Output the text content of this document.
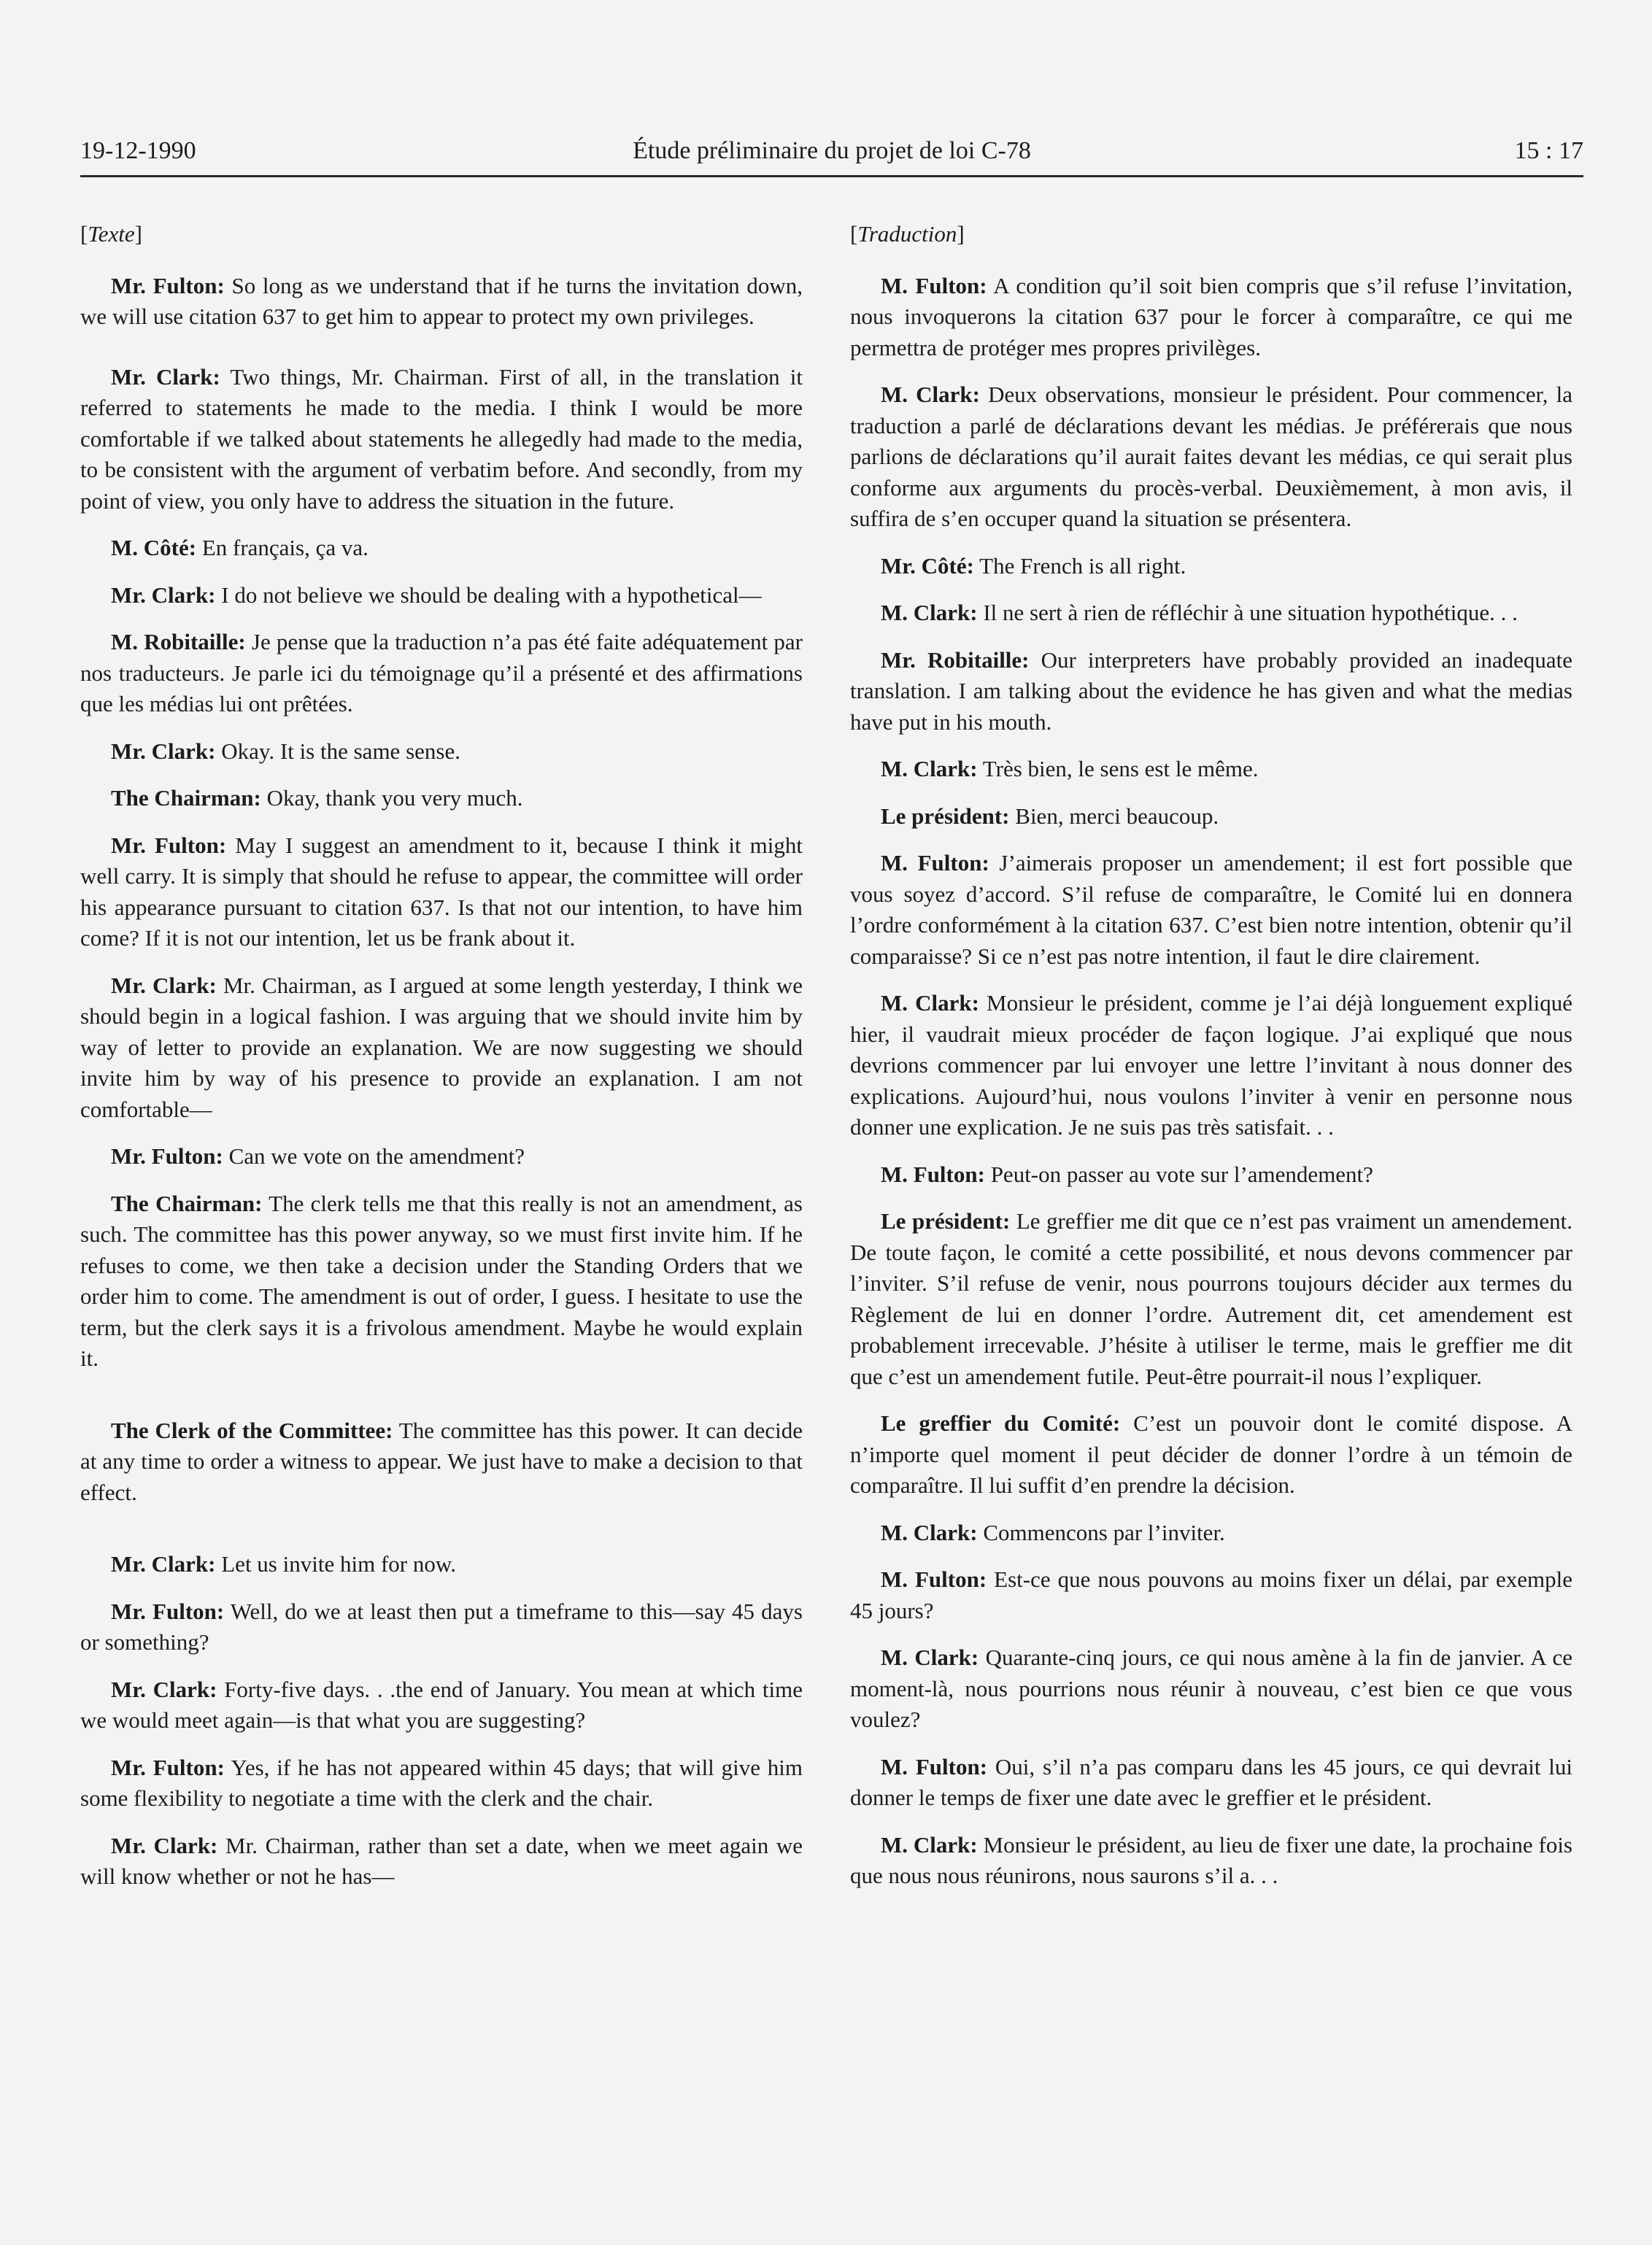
19-12-1990	Étude préliminaire du projet de loi C-78	15 : 17
[Texte]

Mr. Fulton: So long as we understand that if he turns the invitation down, we will use citation 637 to get him to appear to protect my own privileges.

Mr. Clark: Two things, Mr. Chairman. First of all, in the translation it referred to statements he made to the media. I think I would be more comfortable if we talked about statements he allegedly had made to the media, to be consistent with the argument of verbatim before. And secondly, from my point of view, you only have to address the situation in the future.

M. Côté: En français, ça va.

Mr. Clark: I do not believe we should be dealing with a hypothetical—

M. Robitaille: Je pense que la traduction n’a pas été faite adéquatement par nos traducteurs. Je parle ici du témoignage qu’il a présenté et des affirmations que les médias lui ont prêtées.

Mr. Clark: Okay. It is the same sense.

The Chairman: Okay, thank you very much.

Mr. Fulton: May I suggest an amendment to it, because I think it might well carry. It is simply that should he refuse to appear, the committee will order his appearance pursuant to citation 637. Is that not our intention, to have him come? If it is not our intention, let us be frank about it.

Mr. Clark: Mr. Chairman, as I argued at some length yesterday, I think we should begin in a logical fashion. I was arguing that we should invite him by way of letter to provide an explanation. We are now suggesting we should invite him by way of his presence to provide an explanation. I am not comfortable—

Mr. Fulton: Can we vote on the amendment?

The Chairman: The clerk tells me that this really is not an amendment, as such. The committee has this power anyway, so we must first invite him. If he refuses to come, we then take a decision under the Standing Orders that we order him to come. The amendment is out of order, I guess. I hesitate to use the term, but the clerk says it is a frivolous amendment. Maybe he would explain it.

The Clerk of the Committee: The committee has this power. It can decide at any time to order a witness to appear. We just have to make a decision to that effect.

Mr. Clark: Let us invite him for now.

Mr. Fulton: Well, do we at least then put a timeframe to this—say 45 days or something?

Mr. Clark: Forty-five days. . .the end of January. You mean at which time we would meet again—is that what you are suggesting?

Mr. Fulton: Yes, if he has not appeared within 45 days; that will give him some flexibility to negotiate a time with the clerk and the chair.

Mr. Clark: Mr. Chairman, rather than set a date, when we meet again we will know whether or not he has—

[Traduction]

M. Fulton: A condition qu’il soit bien compris que s’il refuse l’invitation, nous invoquerons la citation 637 pour le forcer à comparaître, ce qui me permettra de protéger mes propres privilèges.

M. Clark: Deux observations, monsieur le président. Pour commencer, la traduction a parlé de déclarations devant les médias. Je préférerais que nous parlions de déclarations qu’il aurait faites devant les médias, ce qui serait plus conforme aux arguments du procès-verbal. Deuxièmement, à mon avis, il suffira de s’en occuper quand la situation se présentera.

Mr. Côté: The French is all right.

M. Clark: Il ne sert à rien de réfléchir à une situation hypothétique. . .

Mr. Robitaille: Our interpreters have probably provided an inadequate translation. I am talking about the evidence he has given and what the medias have put in his mouth.

M. Clark: Très bien, le sens est le même.

Le président: Bien, merci beaucoup.

M. Fulton: J’aimerais proposer un amendement; il est fort possible que vous soyez d’accord. S’il refuse de comparaître, le Comité lui en donnera l’ordre conformément à la citation 637. C’est bien notre intention, obtenir qu’il comparaisse? Si ce n’est pas notre intention, il faut le dire clairement.

M. Clark: Monsieur le président, comme je l’ai déjà longuement expliqué hier, il vaudrait mieux procéder de façon logique. J’ai expliqué que nous devrions commencer par lui envoyer une lettre l’invitant à nous donner des explications. Aujourd’hui, nous voulons l’inviter à venir en personne nous donner une explication. Je ne suis pas très satisfait. . .

M. Fulton: Peut-on passer au vote sur l’amendement?

Le président: Le greffier me dit que ce n’est pas vraiment un amendement. De toute façon, le comité a cette possibilité, et nous devons commencer par l’inviter. S’il refuse de venir, nous pourrons toujours décider aux termes du Règlement de lui en donner l’ordre. Autrement dit, cet amendement est probablement irrecevable. J’hésite à utiliser le terme, mais le greffier me dit que c’est un amendement futile. Peut-être pourrait-il nous l’expliquer.

Le greffier du Comité: C’est un pouvoir dont le comité dispose. A n’importe quel moment il peut décider de donner l’ordre à un témoin de comparaître. Il lui suffit d’en prendre la décision.

M. Clark: Commencons par l’inviter.

M. Fulton: Est-ce que nous pouvons au moins fixer un délai, par exemple 45 jours?

M. Clark: Quarante-cinq jours, ce qui nous amène à la fin de janvier. A ce moment-là, nous pourrions nous réunir à nouveau, c’est bien ce que vous voulez?

M. Fulton: Oui, s’il n’a pas comparu dans les 45 jours, ce qui devrait lui donner le temps de fixer une date avec le greffier et le président.

M. Clark: Monsieur le président, au lieu de fixer une date, la prochaine fois que nous nous réunirons, nous saurons s’il a. . .
